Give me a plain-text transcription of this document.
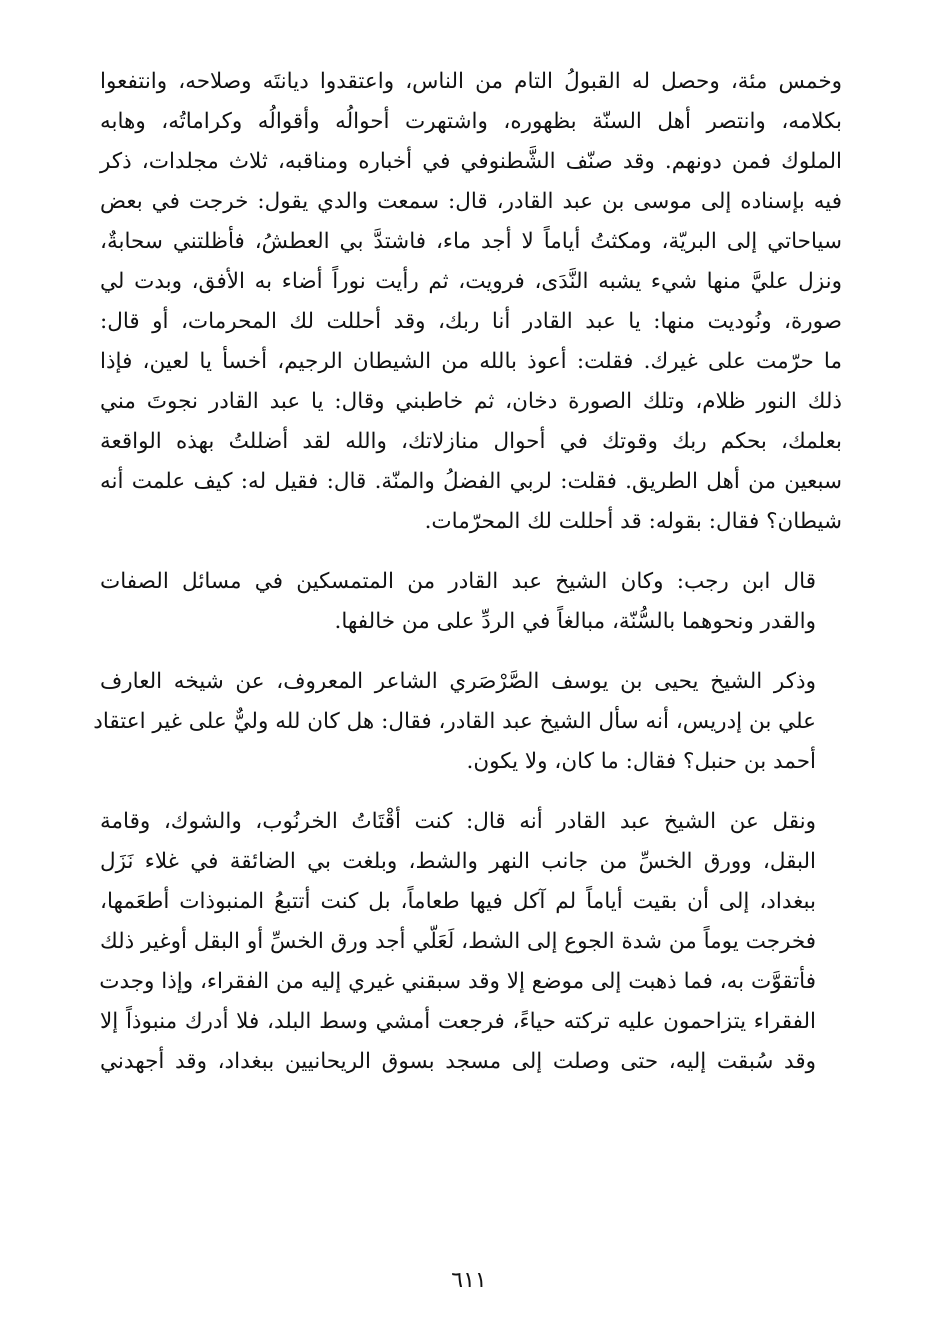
وخمس مئة، وحصل له القبولُ التام من الناس، واعتقدوا ديانتَه وصلاحه، وانتفعوا
بكلامه، وانتصر أهل السنّة بظهوره، واشتهرت أحوالُه وأقوالُه وكراماتُه، وهابه
الملوك فمن دونهم. وقد صنّف الشَّطنوفي في أخباره ومناقبه، ثلاث مجلدات، ذكر
فيه بإسناده إلى موسى بن عبد القادر، قال: سمعت والدي يقول: خرجت في بعض
سياحاتي إلى البريّة، ومكثتُ أياماً لا أجد ماء، فاشتدَّ بي العطشُ، فأظلتني سحابةٌ،
ونزل عليَّ منها شيء يشبه النَّدَى، فرويت، ثم رأيت نوراً أضاء به الأفق، وبدت لي
صورة، ونُوديت منها: يا عبد القادر أنا ربك، وقد أحللت لك المحرمات، أو قال:
ما حرّمت على غيرك. فقلت: أعوذ بالله من الشيطان الرجيم، أخسأ يا لعين، فإذا
ذلك النور ظلام، وتلك الصورة دخان، ثم خاطبني وقال: يا عبد القادر نجوتَ مني
بعلمك، بحكم ربك وقوتك في أحوال منازلاتك، والله لقد أضللتُ بهذه الواقعة
سبعين من أهل الطريق. فقلت: لربي الفضلُ والمنّة. قال: فقيل له: كيف علمت أنه
شيطان؟ فقال: بقوله: قد أحللت لك المحرّمات.

قال ابن رجب: وكان الشيخ عبد القادر من المتمسكين في مسائل الصفات
والقدر ونحوهما بالسُّنّة، مبالغاً في الردِّ على من خالفها.

وذكر الشيخ يحيى بن يوسف الصَّرْصَري الشاعر المعروف، عن شيخه العارف
علي بن إدريس، أنه سأل الشيخ عبد القادر، فقال: هل كان لله وليٌّ على غير اعتقاد
أحمد بن حنبل؟ فقال: ما كان، ولا يكون.

ونقل عن الشيخ عبد القادر أنه قال: كنت أقْتَاتُ الخرنُوب، والشوك، وقامة
البقل، وورق الخسِّ من جانب النهر والشط، وبلغت بي الضائقة في غلاء نَزَل
ببغداد، إلى أن بقيت أياماً لم آكل فيها طعاماً، بل كنت أتتبعُ المنبوذات أطعَمها،
فخرجت يوماً من شدة الجوع إلى الشط، لَعَلّي أجد ورق الخسِّ أو البقل أوغير ذلك
فأتقوَّت به، فما ذهبت إلى موضع إلا وقد سبقني غيري إليه من الفقراء، وإذا وجدت
الفقراء يتزاحمون عليه تركته حياءً، فرجعت أمشي وسط البلد، فلا أدرك منبوذاً إلا
وقد سُبقت إليه، حتى وصلت إلى مسجد بسوق الريحانيين ببغداد، وقد أجهدني

٦١١
